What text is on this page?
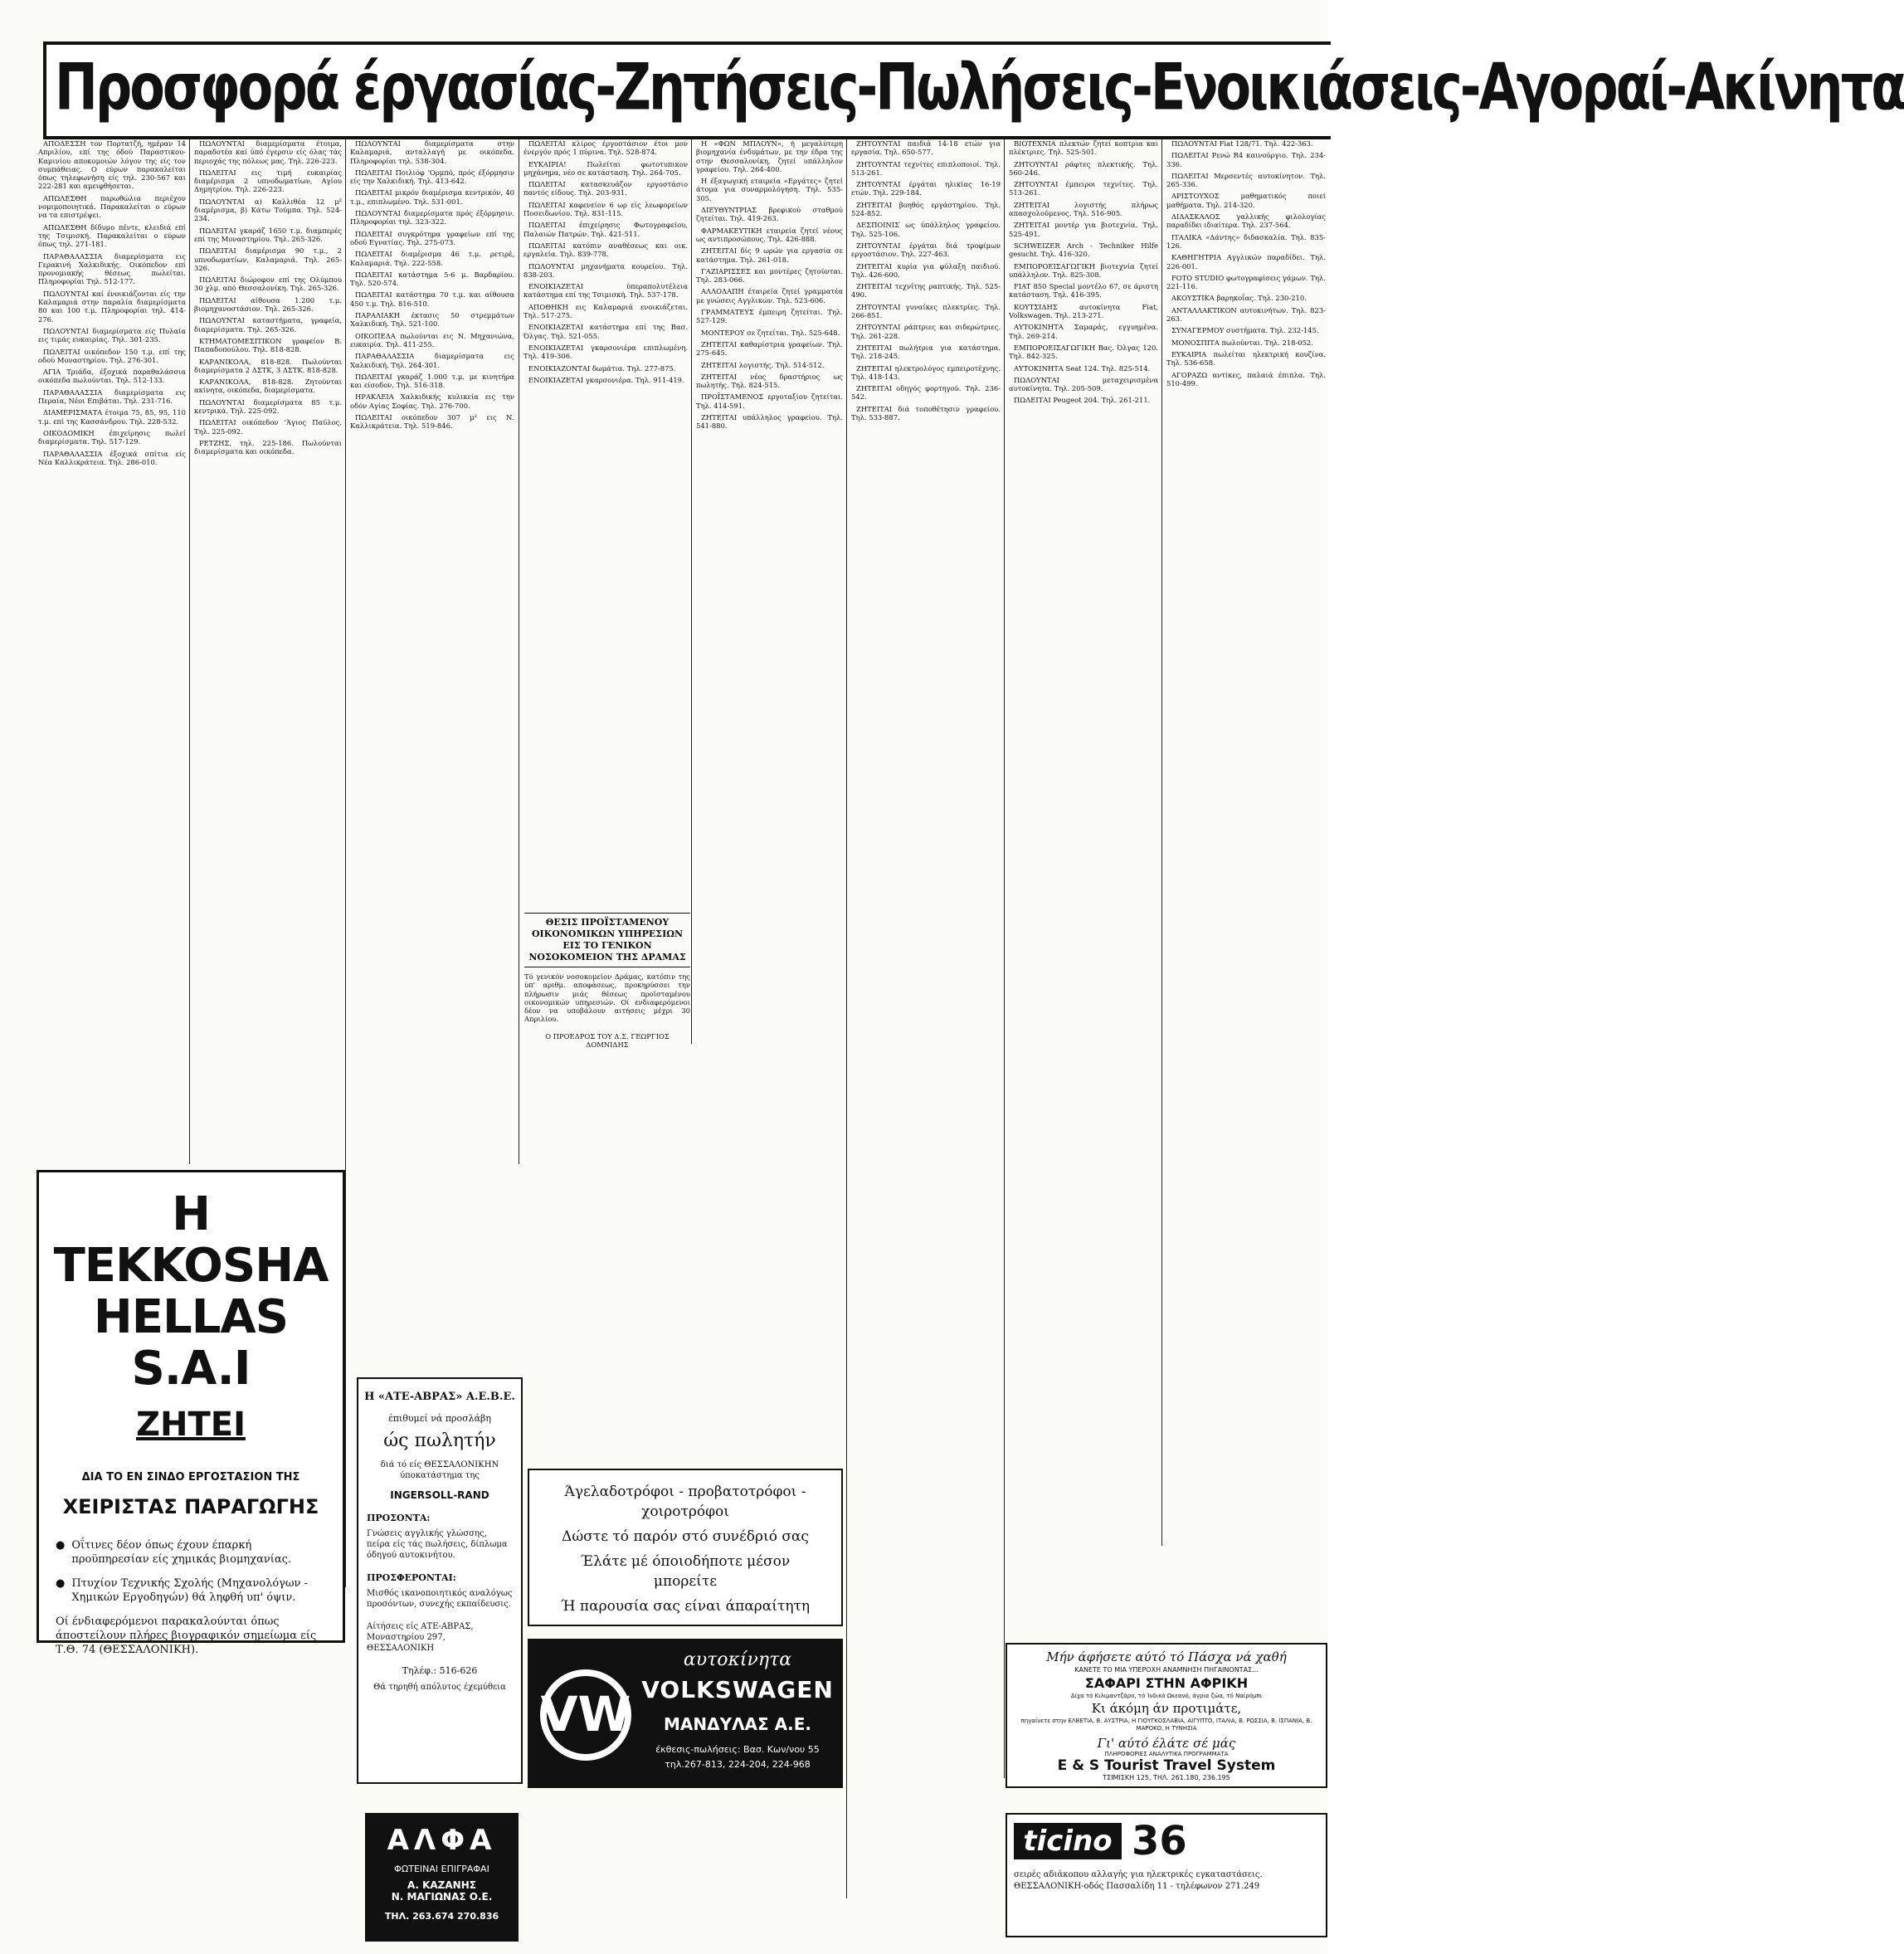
Προσφορά έργασίας-Ζητήσεις-Πωλήσεις-Ενοικιάσεις-Αγοραί-Ακίνητα

ΑΠΟΔΕΣΣΗ τον Πορτατζή, ημέραν 14 Απριλίου, επί της όδού Παραστικου-Καμινίου αποκομοιών λόγον της είς τον συμπάθειας. Ο εύρων παρακαλείται όπως τηλεφωνήση είς τηλ. 230-567 και 222-281 και αμειφθήσεται.

ΑΠΩΛΕΣΘΗ παρωθώλια περιέχον νομιμοποιητικά. Παρακαλείται ο εύρων να τα επιστρέψει.

ΑΠΩΛΕΣΘΗ δίδυμο πέντε, κλειδιά επί της Τσιμισκή. Παρακαλείται ο εύρων όπως τηλ. 271-181.

ΠΑΡΑΘΑΛΑΣΣΙΑ διαμερίσματα εις Γερακινή Χαλκιδικής. Οικόπεδον επί προνομιακής θέσεως πωλείται. Πληροφορίαι Τηλ. 512-177.

ΠΩΛΟΥΝΤΑΙ καί ένοικιάζονται είς την Καλαμαριά στην παραλία διαμερίσματα 80 και 100 τ.μ. Πληροφορίαι τηλ. 414-276.

ΠΩΛΟΥΝΤΑΙ διαμερίσματα είς Πυλαία εις τιμάς ευκαιρίας. Τηλ. 301-235.

ΠΩΛΕΙΤΑΙ οικόπεδον 150 τ.μ. επί της οδού Μοναστηρίου. Τηλ. 276-301.

ΑΓΙΑ Τριάδα, έξοχικά παραθαλάσσια οικόπεδα πωλούνται. Τηλ. 512-133.

ΠΑΡΑΘΑΛΑΣΣΙΑ διαμερίσματα εις Περαία, Νέοι Επιβάται. Τηλ. 231-716.

ΔΙΑΜΕΡΙΣΜΑΤΑ έτοιμα 75, 85, 95, 110 τ.μ. επί της Κασσάνδρου. Τηλ. 228-532.

ΟΙΚΟΔΟΜΙΚΗ έπιχείρησις πωλεί διαμερίσματα. Τηλ. 517-129.

ΠΑΡΑΘΑΛΑΣΣΙΑ έξοχικά σπίτια είς Νέα Καλλικράτεια. Τηλ. 286-010.

ΠΩΛΟΥΝΤΑΙ διαμερίσματα έτοιμα, παραδοτέα καί ύπό έγερσιν είς όλας τάς περιοχάς της πόλεως μας. Τηλ. 226-223.

ΠΩΛΕΙΤΑΙ εις τιμή ευκαιρίας διαμέρισμα 2 υπνοδωματίων, Αγίου Δημητρίου. Τηλ. 226-223.

ΠΩΛΟΥΝΤΑΙ α) Καλλιθέα 12 μ² διαμέρισμα, β) Κάτω Τούμπα. Τηλ. 524-234.

ΠΩΛΕΙΤΑΙ γκαράζ 1650 τ.μ. διαμπερές επί της Μοναστηρίου. Τηλ. 265-326.

ΠΩΛΕΙΤΑΙ διαμέρισμα 90 τ.μ., 2 υπνοδωματίων, Καλαμαριά. Τηλ. 265-326.

ΠΩΛΕΙΤΑΙ διώροφον επί της Ολύμπου 30 χλμ. από Θεσσαλονίκη. Τηλ. 265-326.

ΠΩΛΕΙΤΑΙ αίθουσα 1.200 τ.μ. βιομηχανοστάσιον. Τηλ. 265-326.

ΠΩΛΟΥΝΤΑΙ καταστήματα, γραφεία, διαμερίσματα. Τηλ. 265-326.

ΚΤΗΜΑΤΟΜΕΣΙΤΙΚΟΝ γραφείον Β. Παπαδοπούλου. Τηλ. 818-828.

ΚΑΡΑΝΙΚΟΛΑ, 818-828. Πωλούνται διαμερίσματα 2 ΔΣΤΚ, 3 ΔΣΤΚ. 818-828.

ΚΑΡΑΝΙΚΟΛΑ, 818-828. Ζητούνται ακίνητα, οικόπεδα, διαμερίσματα.

ΠΩΛΟΥΝΤΑΙ διαμερίσματα 85 τ.μ. κεντρικά. Τηλ. 225-092.

ΠΩΛΕΙΤΑΙ οικόπεδον 'Άγιος Παύλος. Τηλ. 225-092.

ΡΕΤΖΗΣ, τηλ. 225-186. Πωλούνται διαμερίσματα και οικόπεδα.

ΠΩΛΟΥΝΤΑΙ διαμερίσματα στην Καλαμαριά, ανταλλαγή με οικόπεδα. Πληροφορίαι τηλ. 538-304.

ΠΩΛΕΙΤΑΙ Ποιλιόφ 'Ορμπό, πρός έξόρμησιν είς την Χαλκιδική. Τηλ. 413-642.

ΠΩΛΕΙΤΑΙ μικρόν διαμέρισμα κεντρικόν, 40 τ.μ., επιπλωμένο. Τηλ. 531-001.

ΠΩΛΟΥΝΤΑΙ διαμερίσματα πρός έξόρμησιν. Πληροφορίαι τηλ. 323-322.

ΠΩΛΕΙΤΑΙ συγκρότημα γραφείων επί της οδού Εγνατίας. Τηλ. 275-073.

ΠΩΛΕΙΤΑΙ διαμέρισμα 46 τ.μ. ρετιρέ, Καλαμαριά. Τηλ. 222-558.

ΠΩΛΕΙΤΑΙ κατάστημα 5-6 μ. Βαρδαρίου. Τηλ. 520-574.

ΠΩΛΕΙΤΑΙ κατάστημα 70 τ.μ. και αίθουσα 450 τ.μ. Τηλ. 816-510.

ΠΑΡΑΛΙΑΚΗ έκτασις 50 στρεμμάτων Χαλκιδική. Τηλ. 521-100.

ΟΙΚΟΠΕΔΑ πωλούνται εις Ν. Μηχανιώνα, ευκαιρία. Τηλ. 411-255.

ΠΑΡΑΘΑΛΑΣΣΙΑ διαμερίσματα εις Χαλκιδική. Τηλ. 264-301.

ΠΩΛΕΙΤΑΙ γκαράζ 1.000 τ.μ. με κινητήρα και είσοδον. Τηλ. 516-318.

ΗΡΑΚΛΕΙΑ Χαλκιδικής κυλικεία εις την οδόν Αγίας Σοφίας. Τηλ. 276-700.

ΠΩΛΕΙΤΑΙ οικόπεδον 307 μ² εις Ν. Καλλικράτεια. Τηλ. 519-846.

ΠΩΛΕΙΤΑΙ κλίρος έργοστάσιον έτοι μον ένεργόν πρός 1 πύρινα. Τηλ. 528-874.

ΕΥΚΑΙΡΙΑ! Πωλείται φωτοτυπικον μηχάνημα, νέο σε κατάσταση. Τηλ. 264-705.

ΠΩΛΕΙΤΑΙ κατασκευάζον εργοστάσιο παντός είδους. Τηλ. 203-931.

ΠΩΛΕΙΤΑΙ καφενείον 6 ωρ είς λεωφορείων Ποσειδωνίου. Τηλ. 831-115.

ΠΩΛΕΙΤΑΙ έπιχείρησις Φωτογραφείου, Παλαιών Πατρών. Τηλ. 421-511.

ΠΩΛΕΙΤΑΙ κατόπιν αναθέσεως και οικ. εργαλεία. Τηλ. 839-778.

ΠΩΛΟΥΝΤΑΙ μηχανήματα κουρείου. Τηλ. 838-203.

ΕΝΟΙΚΙΑΖΕΤΑΙ ύπεραπολυτέλεια κατάστημα επί της Τσιμισκή. Τηλ. 537-178.

ΑΠΟΘΗΚΗ εις Καλαμαριά ενοικιάζεται. Τηλ. 517-275.

ΕΝΟΙΚΙΑΖΕΤΑΙ κατάστημα επί της Βασ. Όλγας. Τηλ. 521-055.

ΕΝΟΙΚΙΑΖΕΤΑΙ γκαρσονιέρα επιπλωμένη. Τηλ. 419-306.

ΕΝΟΙΚΙΑΖΟΝΤΑΙ δωμάτια. Τηλ. 277-875.

ΕΝΟΙΚΙΑΖΕΤΑΙ γκαρσονιέρα. Τηλ. 911-419.

Η «ΦΩΝ ΜΠΛΟΥΝ», ή μεγαλύτερη βιομηχανία ένδυμάτων, με την έδρα της στην Θεσσαλονίκη, ζητεί υπάλληλον γραφείου. Τηλ. 264-400.

Η έξαγωγική εταιρεία «Εργάτες» ζητεί άτομα για συναρμολόγηση. Τηλ. 535-305.

ΔΙΕΥΘΥΝΤΡΙΑΣ βρεφικού σταθμού ζητείται. Τηλ. 419-263.

ΦΑΡΜΑΚΕΥΤΙΚΗ εταιρεία ζητεί νέους ως αντιπροσώπους. Τηλ. 426-888.

ΖΗΤΕΙΤΑΙ δίς 9 ωρών για εργασία σε κατάστημα. Τηλ. 261-018.

ΓΑΖΙΑΡΙΣΣΕΣ και μοντέρες ζητούνται. Τηλ. 283-066.

ΑΛΛΟΔΑΠΗ έταιρεία ζητεί γραμματέα με γνώσεις Αγγλικών. Τηλ. 523-606.

ΓΡΑΜΜΑΤΕΥΣ έμπειρη ζητείται. Τηλ. 527-129.

ΜΟΝΤΕΡΟΥ σε ζητείται. Τηλ. 525-648.

ΖΗΤΕΙΤΑΙ καθαρίστρια γραφείων. Τηλ. 275-645.

ΖΗΤΕΙΤΑΙ λογιστής. Τηλ. 514-512.

ΖΗΤΕΙΤΑΙ νέος δραστήριος ως πωλητής. Τηλ. 824-515.

ΠΡΟΪΣΤΑΜΕΝΟΣ εργοταξίου ζητείται. Τηλ. 414-591.

ΖΗΤΕΙΤΑΙ υπάλληλος γραφείου. Τηλ. 541-880.

ZΗΤΟΥΝΤΑΙ παιδιά 14-18 ετών για εργασία. Τηλ. 650-577.

ΖΗΤΟΥΝΤΑΙ τεχνίτες επιπλοποιοί. Τηλ. 513-261.

ΖΗΤΟΥΝΤΑΙ έργάται ηλικίας 16-19 ετών. Τηλ. 229-184.

ΖΗΤΕΙΤΑΙ βοηθός εργάστηρίου. Τηλ. 524-852.

ΔΕΣΠΟΙΝΙΣ ως ύπάλληλος γραφείου. Τηλ. 525-106.

ΖΗΤΟΥΝΤΑΙ έργάται διά τροφίμων εργοστάσιον. Τηλ. 227-463.

ΖΗΤΕΙΤΑΙ κυρία για φύλαξη παιδιού. Τηλ. 426-600.

ΖΗΤΕΙΤΑΙ τεχνίτης ραπτικής. Τηλ. 525-490.

ΖΗΤΟΥΝΤΑΙ γυναίκες πλεκτρίες. Τηλ. 266-851.

ΖΗΤΟΥΝΤΑΙ ράπτριες και σιδερώτριες. Τηλ. 261-228.

ΖΗΤΕΙΤΑΙ πωλήτρια για κατάστημα. Τηλ. 218-245.

ΖΗΤΕΙΤΑΙ ηλεκτρολόγος εμπειροτέχνης. Τηλ. 418-143.

ΖΗΤΕΙΤΑΙ οδηγός φορτηγού. Τηλ. 236-542.

ΖΗΤΕΙΤΑΙ διά τοποθέτησιν γραφείου. Τηλ. 533-887.

ΒΙΟΤΕΧΝΙΑ πλεκτών ζητεί κοπτρια και πλέκτριες. Τηλ. 525-501.

ΖΗΤΟΥΝΤΑΙ ράφτες πλεκτικής. Τηλ. 560-246.

ΖΗΤΟΥΝΤΑΙ έμπειροι τεχνίτες. Τηλ. 513-261.

ΖΗΤΕΙΤΑΙ λογιστής πλήρως απασχολούμενος. Τηλ. 516-905.

ΖΗΤΕΙΤΑΙ μοντέρ για βιοτεχνία. Τηλ. 525-491.

SCHWEIZER Arch - Techniker Hilfe gesucht. Τηλ. 416-320.

ΕΜΠΟΡΟΕΙΣΑΓΩΓΙΚΗ βιοτεχνία ζητεί υπάλληλον. Τηλ. 825-308.

FIAT 850 Special μοντέλο 67, σε άριστη κατάσταση. Τηλ. 416-395.

ΚΟΥΤΣΙΔΗΣ αυτοκίνητα Fiat, Volkswagen. Τηλ. 213-271.

ΑΥΤΟΚΙΝΗΤΑ Σαμαράς, εγγυημένα. Τηλ. 269-214.

ΕΜΠΟΡΟΕΙΣΑΓΩΓΙΚΗ Βας. Όλγας 120. Τηλ. 842-325.

ΑΥΤΟΚΙΝΗΤΑ Seat 124. Τηλ. 825-514.

ΠΩΛΟΥΝΤΑΙ μεταχειρισμένα αυτοκίνητα. Τηλ. 205-509.

ΠΩΛΕΙΤΑΙ Peugeot 204. Τηλ. 261-211.

ΠΩΛΟΥΝΤΑΙ Fiat 128/71. Τηλ. 422-363.

ΠΩΛΕΙΤΑΙ Ρενώ R4 καινούργιο. Τηλ. 234-336.

ΠΩΛΕΙΤΑΙ Μερσεντές αυτοκίνητον. Τηλ. 265-336.

ΑΡΙΣΤΟΥΧΟΣ μαθηματικός ποιεί μαθήματα. Τηλ. 214-320.

ΔΙΔΑΣΚΑΛΟΣ γαλλικής φιλολογίας παραδίδει ιδιαίτερα. Τηλ. 237-564.

ΙΤΑΛΙΚΑ «Δάντης» διδασκαλία. Τηλ. 835-126.

ΚΑΘΗΓΗΤΡΙΑ Αγγλικών παραδίδει. Τηλ. 226-001.

FOTO STUDIO φωτογραφίσεις γάμων. Τηλ. 221-116.

ΑΚΟΥΣΤΙΚΑ βαρηκοΐας. Τηλ. 230-210.

ΑΝΤΑΛΛΑΚΤΙΚΟΝ αυτοκινήτων. Τηλ. 823-263.

ΣΥΝΑΓΕΡΜΟΥ συστήματα. Τηλ. 232-145.

ΜΟΝΟΣΠΙΤΑ πωλούνται. Τηλ. 218-052.

ΕΥΚΑΙΡΙΑ πωλείται ηλεκτρική κουζίνα. Τηλ. 536-658.

ΑΓΟΡΑΖΩ αντίκες, παλαιά έπιπλα. Τηλ. 510-499.

Η TEKKOSHA
HELLAS S.A.I
ΖΗΤΕΙ
ΔΙΑ ΤΟ ΕΝ ΣΙΝΔΟ ΕΡΓΟΣΤΑΣΙΟΝ ΤΗΣ
ΧΕΙΡΙΣΤΑΣ ΠΑΡΑΓΩΓΗΣ
● Οΐτινες δέον όπως έχουν έπαρκή προϋπηρεσίαν είς χημικάς βιομηχανίας.
● Πτυχίον Τεχνικής Σχολής (Μηχανολόγων - Χημικών Εργοδηγών) θά ληφθή υπ' όψιν.
Οί ένδιαφερόμενοι παρακαλούνται όπως άποστείλουν πλήρες βιογραφικόν σημείωμα είς Τ.Θ. 74 (ΘΕΣΣΑΛΟΝΙΚΗ).
Η «ΑΤΕ-ΑΒΡΑΣ» Α.Ε.Β.Ε.
έπιθυμεί νά προσλάβη
ώς πωλητήν
διά τό είς ΘΕΣΣΑΛΟΝΙΚΗΝ ύποκατάστημα της
INGERSOLL-RAND
ΠΡΟΣΟΝΤΑ:
Γνώσεις αγγλικής γλώσσης, πείρα είς τάς πωλήσεις, δίπλωμα όδηγού αυτοκινήτου.
ΠΡΟΣΦΕΡΟΝΤΑΙ:
Μισθός ικανοποιητικός αναλόγως προσόντων, συνεχής εκπαίδευσις.
Αίτήσεις είς ΑΤΕ-ΑΒΡΑΣ, Μοναστηρίου 297, ΘΕΣΣΑΛΟΝΙΚΗ
Τηλέφ.: 516-626
Θά τηρηθή απόλυτος έχεμύθεια
ΑΛΦΑ
ΦΩΤΕΙΝΑΙ ΕΠΙΓΡΑΦΑΙ
Α. ΚΑΖΑΝΗΣ
Ν. ΜΑΓΙΩΝΑΣ Ο.Ε.
ΤΗΛ. 263.674 270.836
ΘΕΣΙΣ ΠΡΟΪΣΤΑΜΕΝΟΥ ΟΙΚΟΝΟΜΙΚΩΝ ΥΠΗΡΕΣΙΩΝ
ΕΙΣ ΤΟ ΓΕΝΙΚΟΝ ΝΟΣΟΚΟΜΕΙΟΝ ΤΗΣ ΔΡΑΜΑΣ
Τό γενικόν νοσοκομείον Δράμας, κατόπιν της ύπ' αριθμ. αποφάσεως, προκηρύσσει την πλήρωσιν μιάς θέσεως προϊσταμένου οικονομικών υπηρεσιών. Οί ενδιαφερόμενοι δέον να υποβάλουν αιτήσεις μέχρι 30 Απριλίου.
Ο ΠΡΟΕΔΡΟΣ ΤΟΥ Δ.Σ. ΓΕΩΡΓΙΟΣ ΔΟΜΝΙΔΗΣ
Άγελαδοτρόφοι - προβατοτρόφοι -
χοιροτρόφοι
Δώστε τό παρόν στό συνέδριό σας
Έλάτε μέ όποιοδήποτε μέσον
μπορείτε
Ή παρουσία σας είναι άπαραίτητη
VW
αυτοκίνητα
VOLKSWAGEN
ΜΑΝΔΥΛΑΣ Α.Ε.
έκθεσις-πωλήσεις: Βασ. Κων/νου 55
τηλ.267-813, 224-204, 224-968
Μήν άφήσετε αύτό τό Πάσχα νά χαθή
ΚΑΝΕΤΕ ΤΟ ΜΙΑ ΥΠΕΡΟΧΗ ΑΝΑΜΝΗΣΗ ΠΗΓΑΙΝΟΝΤΑΣ...
ΣΑΦΑΡΙ ΣΤΗΝ ΑΦΡΙΚΗ
Δίχα τό Κιλιμαντζάρο, τό Ίνδικό Ωκεανό, άγρια ζώα, τό Ναϊρόμπι
Κι άκόμη άν προτιμάτε,
πηγαίνετε στην ΕΛΒΕΤΙΑ, Β. ΑΥΣΤΡΙΑ, Η ΓΙΟΥΓΚΟΣΛΑΒΙΑ, ΑΙΓΥΠΤΟ, ΙΤΑΛΙΑ, Β. ΡΩΣΣΙΑ, Β. ΙΣΠΑΝΙΑ, Β. ΜΑΡΟΚΟ, Η ΤΥΝΗΣΙΑ
Γι' αύτό έλάτε σέ μάς
ΠΛΗΡΟΦΟΡΙΕΣ ΑΝΑΛΥΤΙΚΑ ΠΡΟΓΡΑΜΜΑΤΑ
E & S Tourist Travel System
ΤΣΙΜΙΣΚΗ 125, ΤΗΛ. 261.180, 236.195
ticino 36
σειρές αδιάκοπου αλλαγής για ηλεκτρικές εγκαταστάσεις. ΘΕΣΣΑΛΟΝΙΚΗ-οδός Πασσαλίδη 11 - τηλέφωνον 271.249
